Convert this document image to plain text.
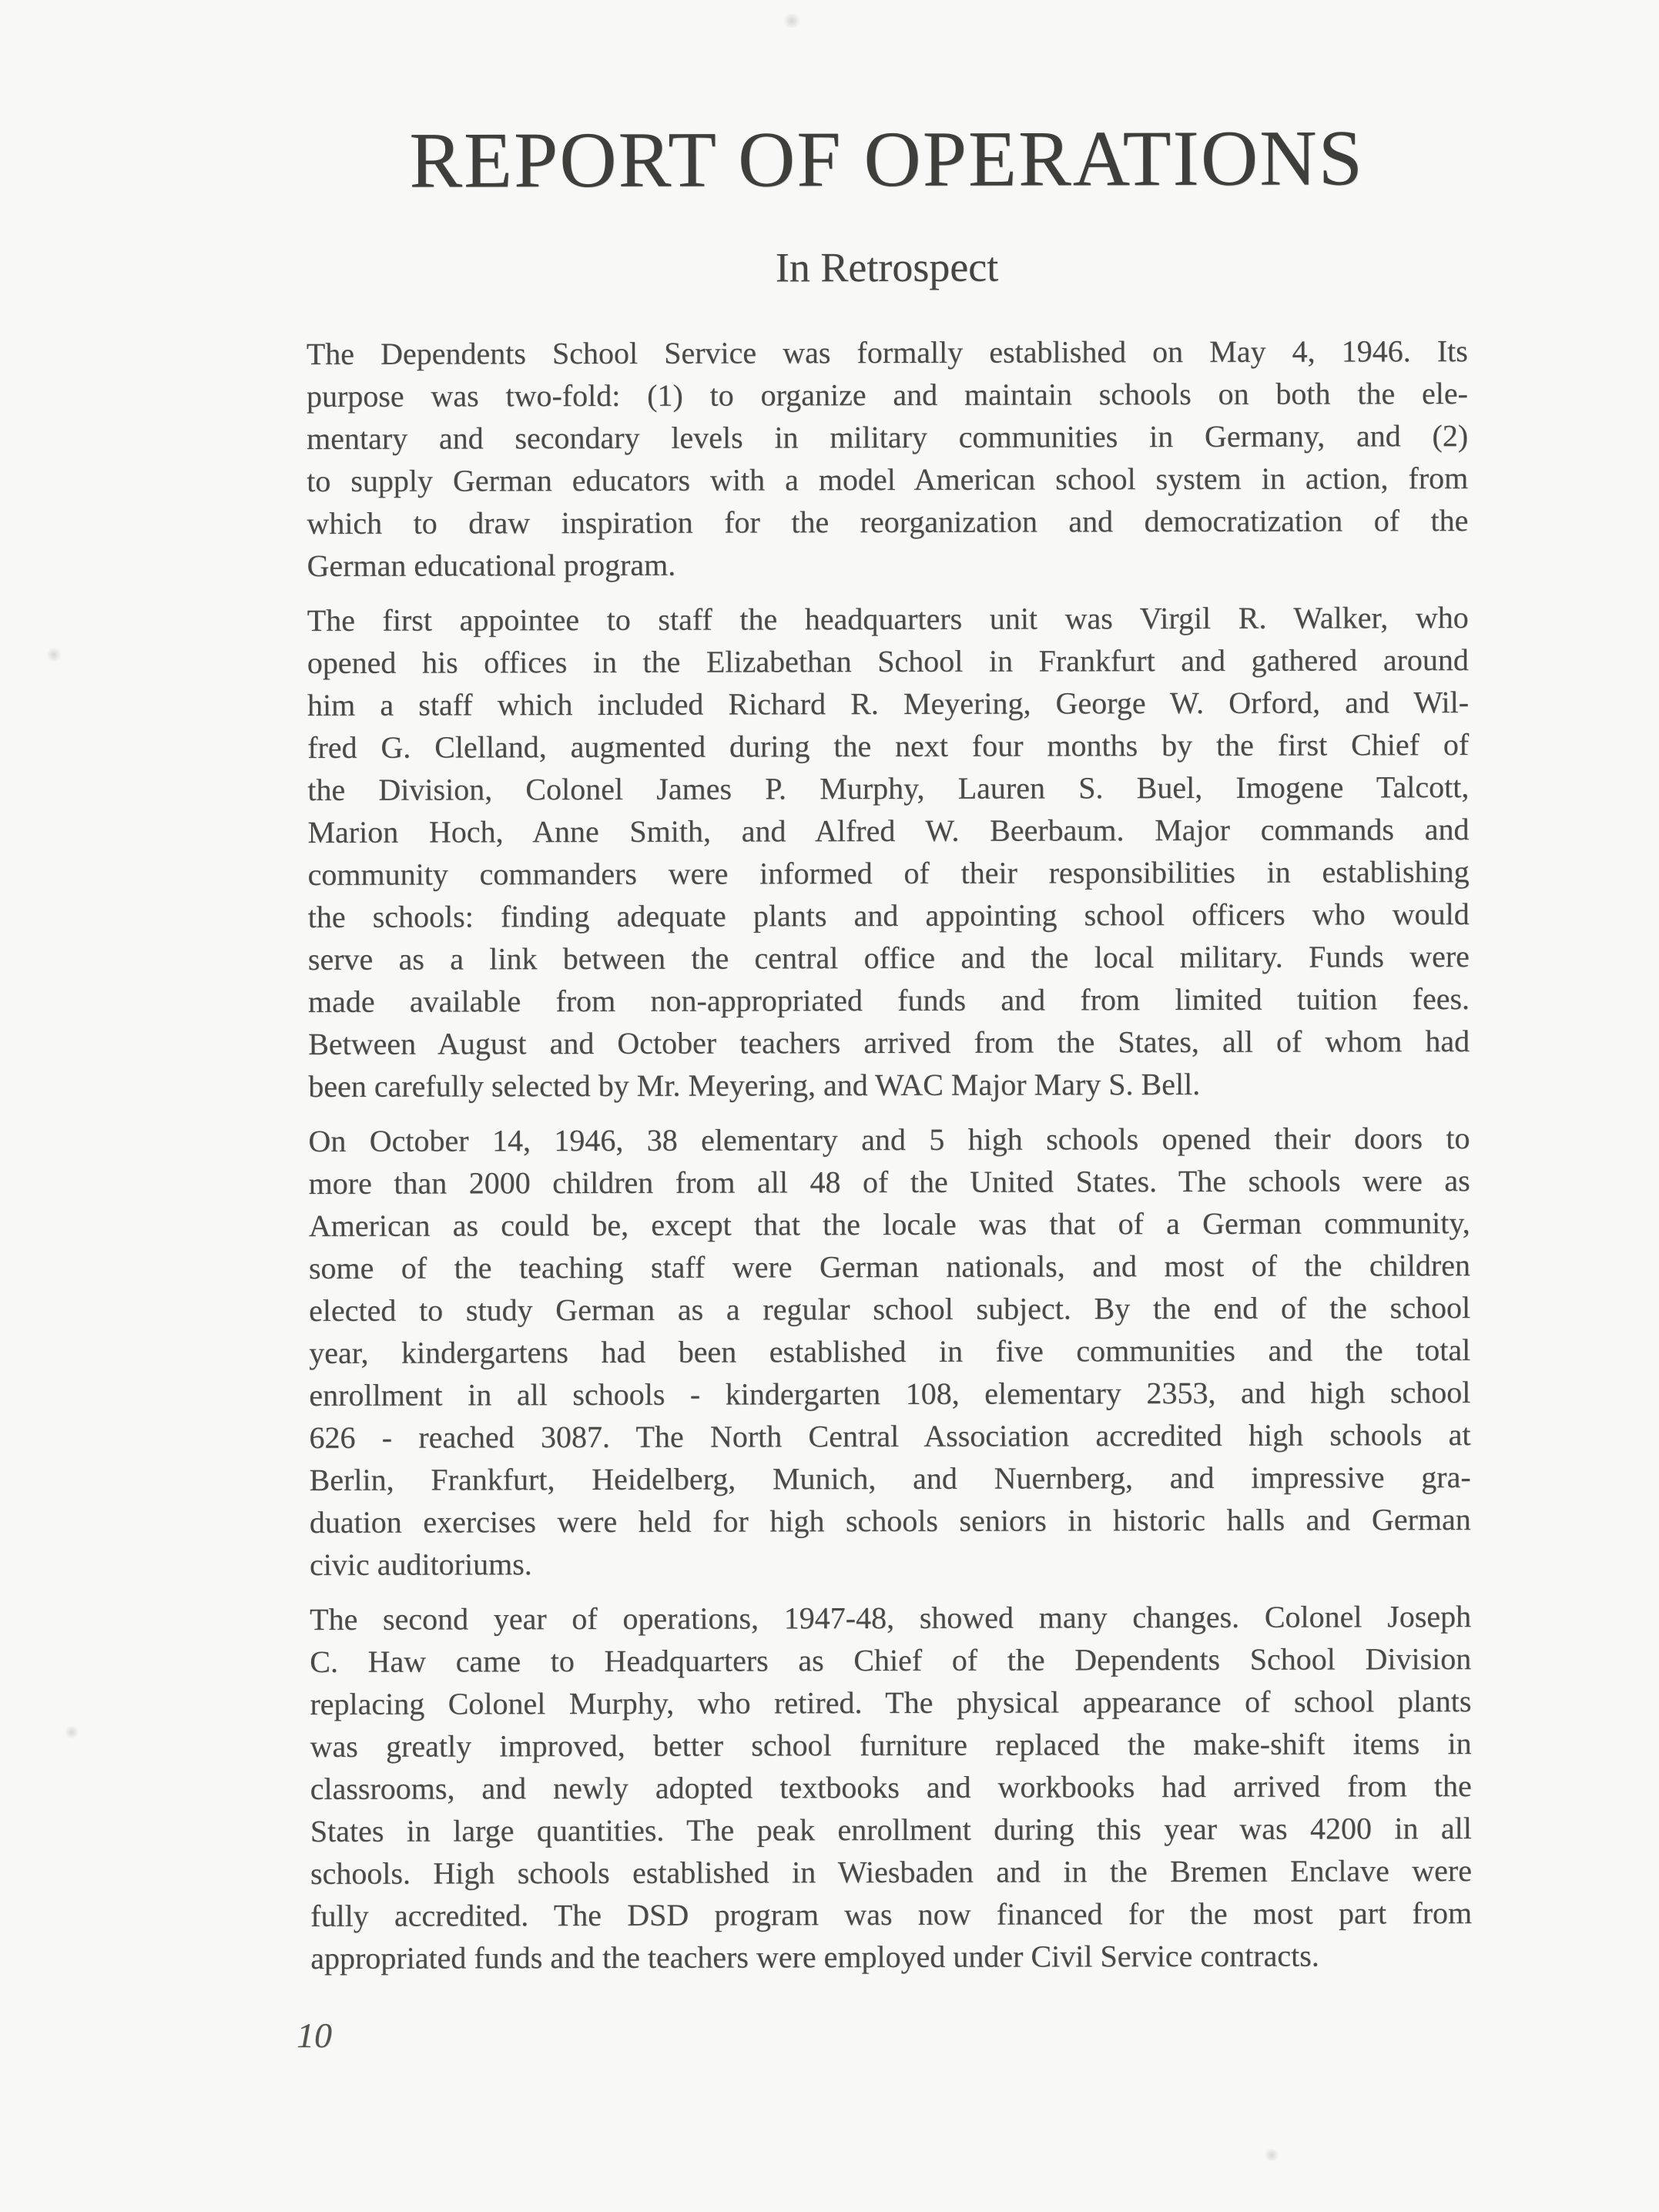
REPORT OF OPERATIONS
In Retrospect
The Dependents School Service was formally established on May 4, 1946. Its
purpose was two-fold: (1) to organize and maintain schools on both the ele-
mentary and secondary levels in military communities in Germany, and (2)
to supply German educators with a model American school system in action, from
which to draw inspiration for the reorganization and democratization of the
German educational program.
The first appointee to staff the headquarters unit was Virgil R. Walker, who
opened his offices in the Elizabethan School in Frankfurt and gathered around
him a staff which included Richard R. Meyering, George W. Orford, and Wil-
fred G. Clelland, augmented during the next four months by the first Chief of
the Division, Colonel James P. Murphy, Lauren S. Buel, Imogene Talcott,
Marion Hoch, Anne Smith, and Alfred W. Beerbaum. Major commands and
community commanders were informed of their responsibilities in establishing
the schools: finding adequate plants and appointing school officers who would
serve as a link between the central office and the local military. Funds were
made available from non-appropriated funds and from limited tuition fees.
Between August and October teachers arrived from the States, all of whom had
been carefully selected by Mr. Meyering, and WAC Major Mary S. Bell.
On October 14, 1946, 38 elementary and 5 high schools opened their doors to
more than 2000 children from all 48 of the United States. The schools were as
American as could be, except that the locale was that of a German community,
some of the teaching staff were German nationals, and most of the children
elected to study German as a regular school subject. By the end of the school
year, kindergartens had been established in five communities and the total
enrollment in all schools - kindergarten 108, elementary 2353, and high school
626 - reached 3087. The North Central Association accredited high schools at
Berlin, Frankfurt, Heidelberg, Munich, and Nuernberg, and impressive gra-
duation exercises were held for high schools seniors in historic halls and German
civic auditoriums.
The second year of operations, 1947-48, showed many changes. Colonel Joseph
C. Haw came to Headquarters as Chief of the Dependents School Division
replacing Colonel Murphy, who retired. The physical appearance of school plants
was greatly improved, better school furniture replaced the make-shift items in
classrooms, and newly adopted textbooks and workbooks had arrived from the
States in large quantities. The peak enrollment during this year was 4200 in all
schools. High schools established in Wiesbaden and in the Bremen Enclave were
fully accredited. The DSD program was now financed for the most part from
appropriated funds and the teachers were employed under Civil Service contracts.
10
